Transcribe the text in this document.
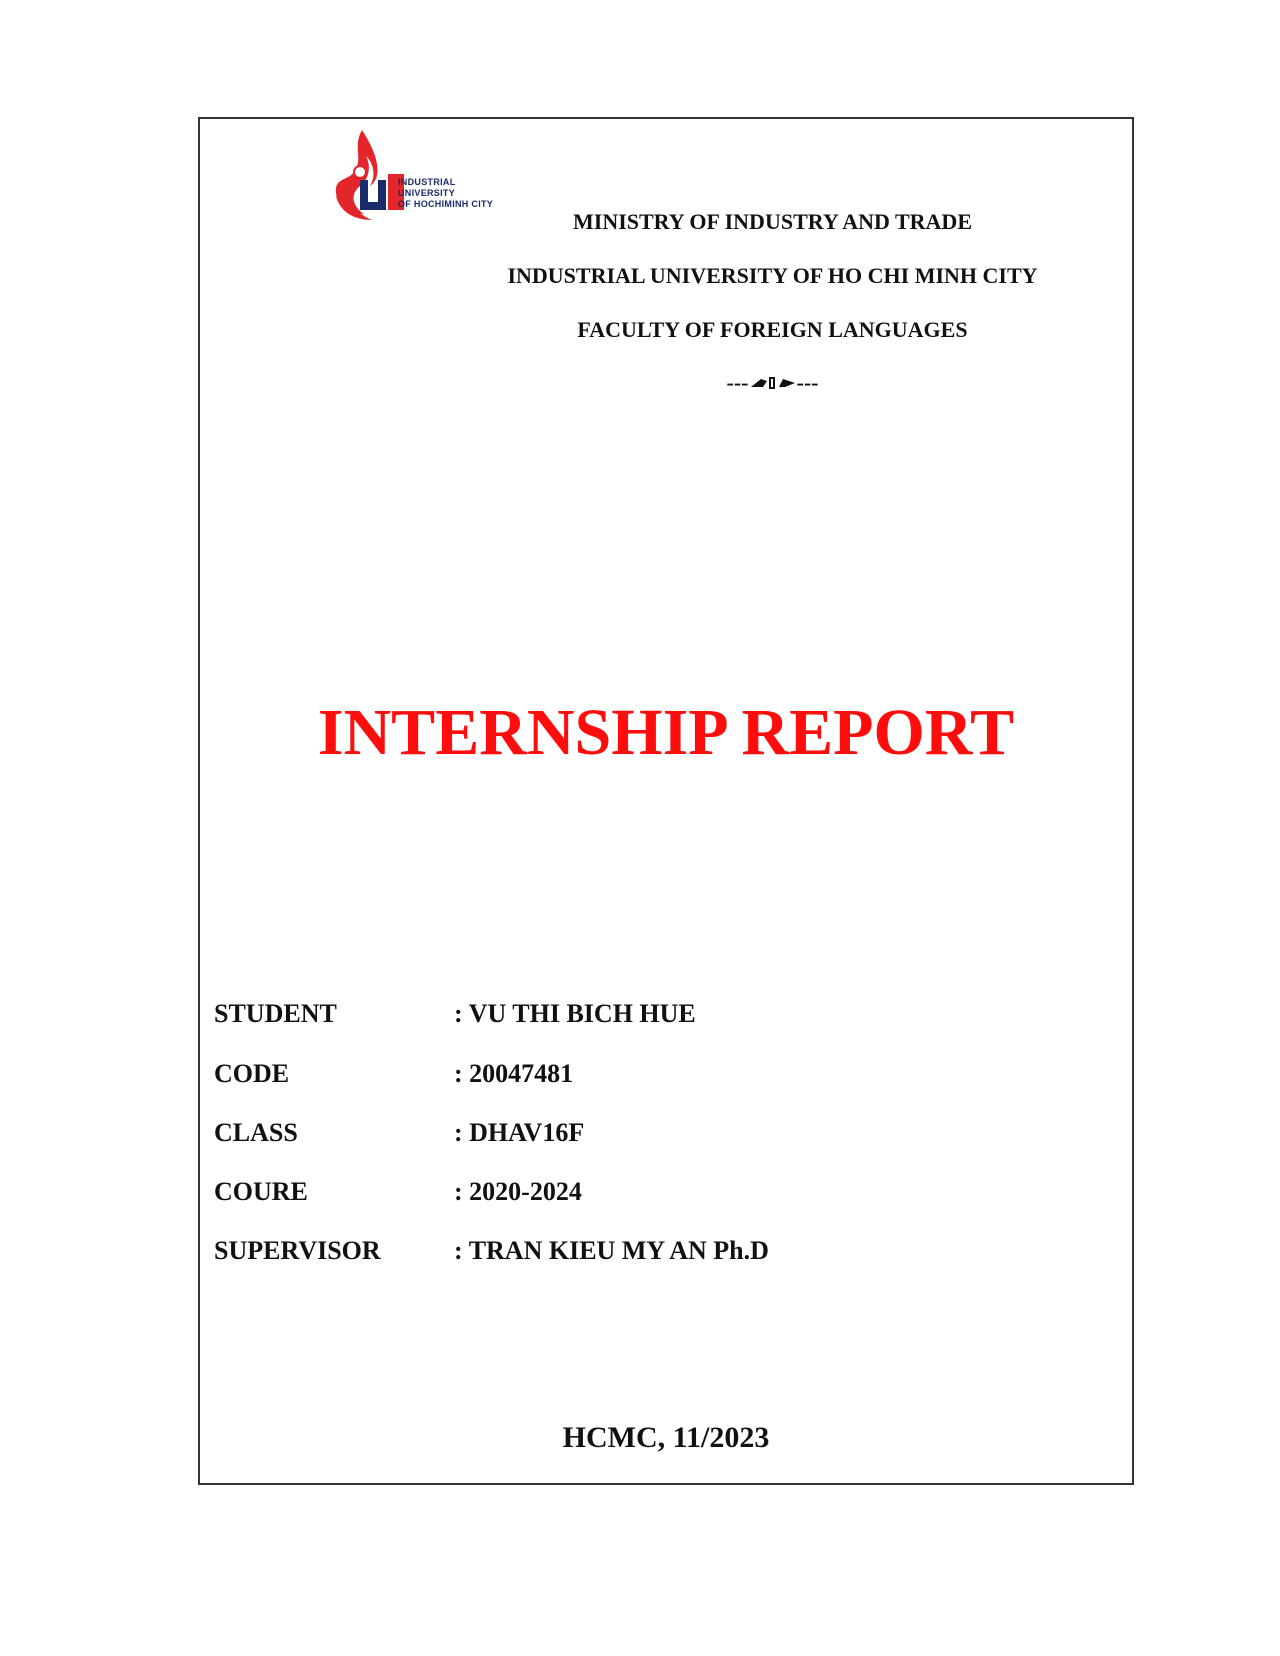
INDUSTRIAL
UNIVERSITY
OF HOCHIMINH CITY
MINISTRY OF INDUSTRY AND TRADE
INDUSTRIAL UNIVERSITY OF HO CHI MINH CITY
FACULTY OF FOREIGN LANGUAGES
--- ---
INTERNSHIP REPORT
STUDENT	: VU THI BICH HUE
CODE	: 20047481
CLASS	: DHAV16F
COURE	: 2020-2024
SUPERVISOR	: TRAN KIEU MY AN Ph.D
HCMC, 11/2023
